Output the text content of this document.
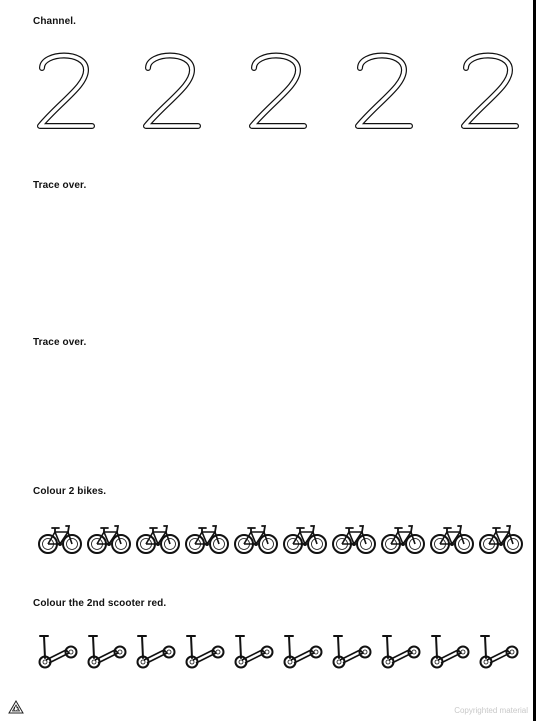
Channel.
Trace over.
Trace over.
Colour 2 bikes.
Colour the 2nd scooter red.
12	Copyrighted material
